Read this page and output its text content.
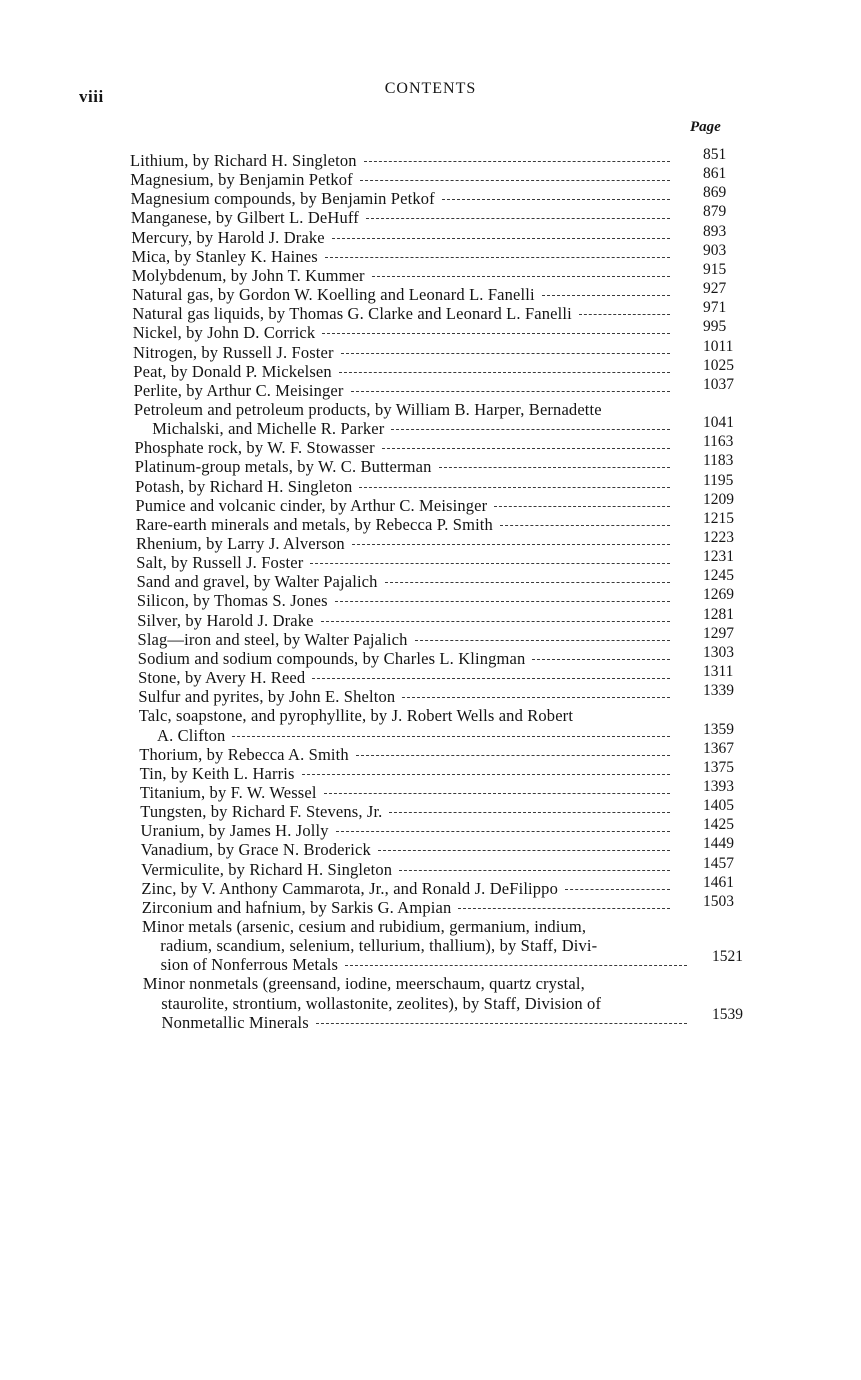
viii	CONTENTS
Page
851
Lithium, by Richard H. Singleton
861
Magnesium, by Benjamin Petkof
869
Magnesium compounds, by Benjamin Petkof
879
Manganese, by Gilbert L. DeHuff
893
Mercury, by Harold J. Drake
903
Mica, by Stanley K. Haines
915
Molybdenum, by John T. Kummer
927
Natural gas, by Gordon W. Koelling and Leonard L. Fanelli
971
Natural gas liquids, by Thomas G. Clarke and Leonard L. Fanelli
995
Nickel, by John D. Corrick
1011
Nitrogen, by Russell J. Foster
1025
Peat, by Donald P. Mickelsen
1037
Perlite, by Arthur C. Meisinger
Petroleum and petroleum products, by William B. Harper, Bernadette
1041
Michalski, and Michelle R. Parker
1163
Phosphate rock, by W. F. Stowasser
1183
Platinum-group metals, by W. C. Butterman
1195
Potash, by Richard H. Singleton
1209
Pumice and volcanic cinder, by Arthur C. Meisinger
1215
Rare-earth minerals and metals, by Rebecca P. Smith
1223
Rhenium, by Larry J. Alverson
1231
Salt, by Russell J. Foster
1245
Sand and gravel, by Walter Pajalich
1269
Silicon, by Thomas S. Jones
1281
Silver, by Harold J. Drake
1297
Slag—iron and steel, by Walter Pajalich
1303
Sodium and sodium compounds, by Charles L. Klingman
1311
Stone, by Avery H. Reed
1339
Sulfur and pyrites, by John E. Shelton
Talc, soapstone, and pyrophyllite, by J. Robert Wells and Robert
1359
A. Clifton
1367
Thorium, by Rebecca A. Smith
1375
Tin, by Keith L. Harris
1393
Titanium, by F. W. Wessel
1405
Tungsten, by Richard F. Stevens, Jr.
1425
Uranium, by James H. Jolly
1449
Vanadium, by Grace N. Broderick
1457
Vermiculite, by Richard H. Singleton
1461
Zinc, by V. Anthony Cammarota, Jr., and Ronald J. DeFilippo
1503
Zirconium and hafnium, by Sarkis G. Ampian
Minor metals (arsenic, cesium and rubidium, germanium, indium,
radium, scandium, selenium, tellurium, thallium), by Staff, Divi-
1521
sion of Nonferrous Metals
Minor nonmetals (greensand, iodine, meerschaum, quartz crystal,
staurolite, strontium, wollastonite, zeolites), by Staff, Division of
1539
Nonmetallic Minerals
